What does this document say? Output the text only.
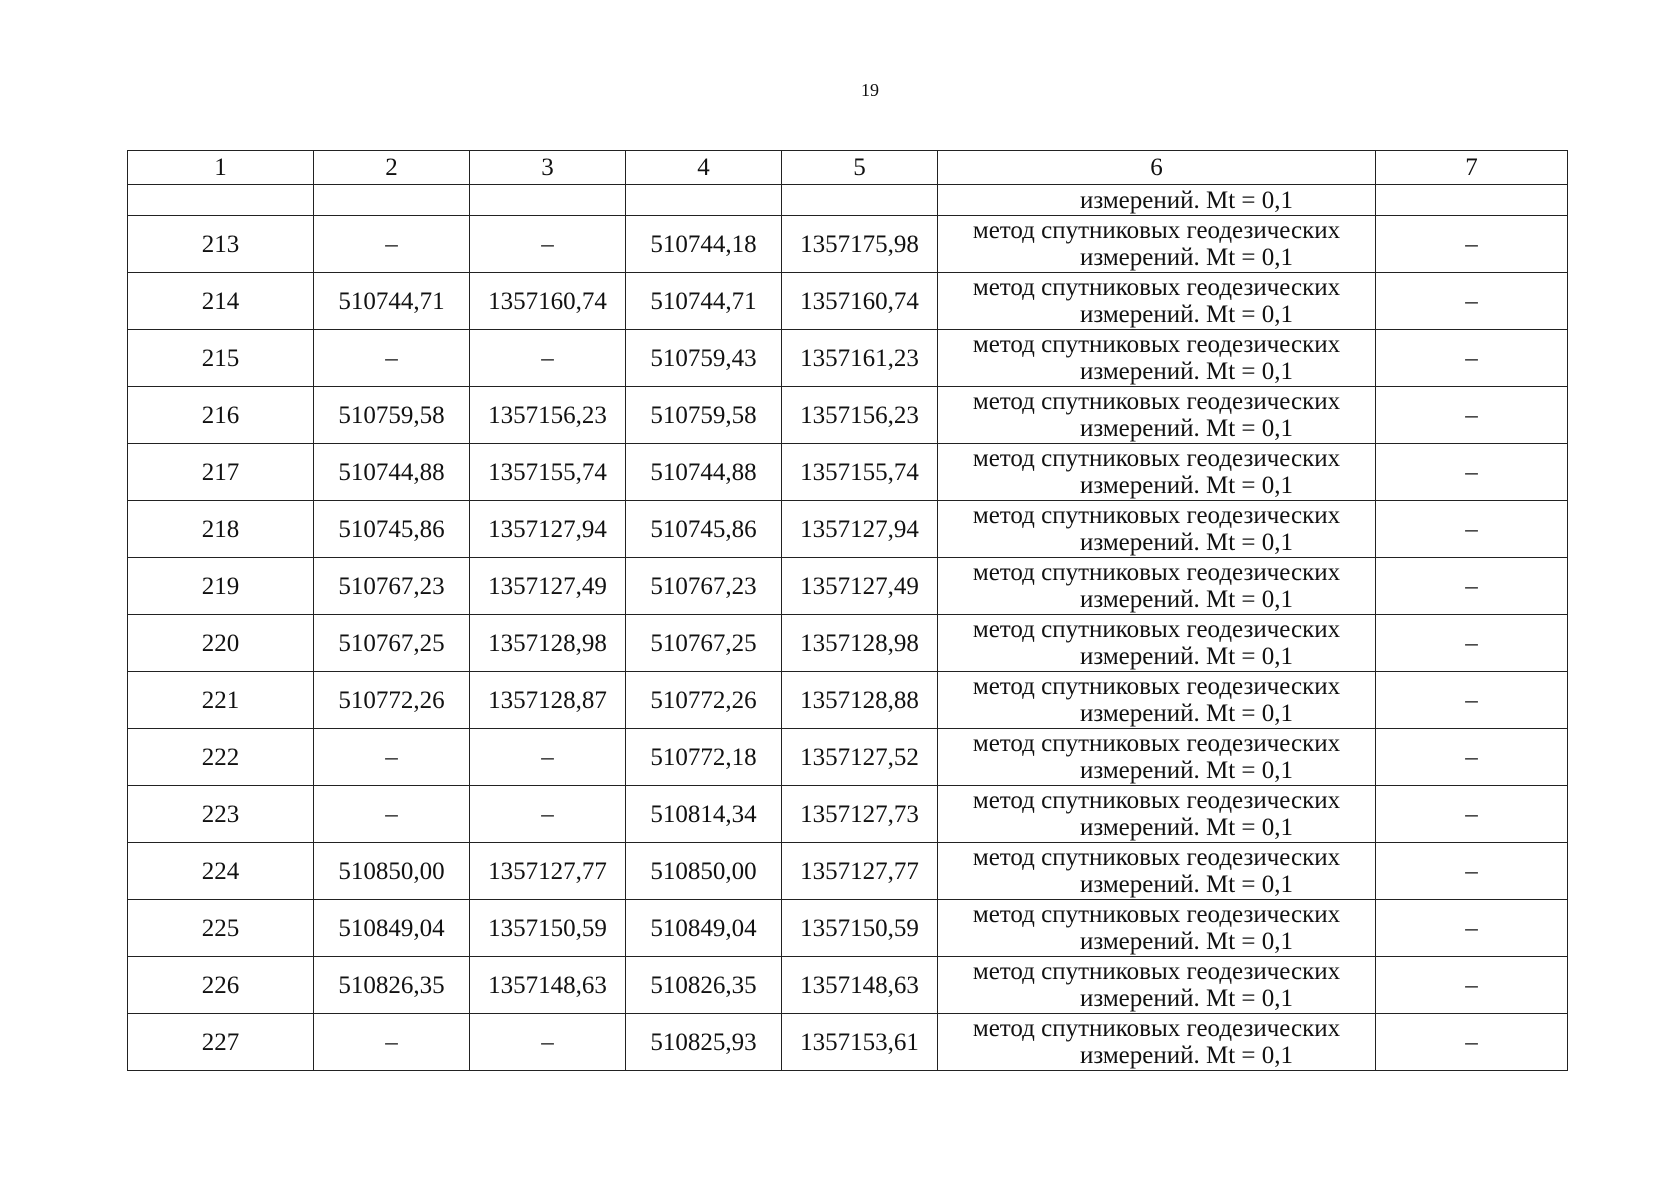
19
1	2	3	4	5	6	7

					измерений. Mt = 0,1	

213	–	–	510744,18	1357175,98	метод спутниковых геодезических
измерений. Mt = 0,1	–
214	510744,71	1357160,74	510744,71	1357160,74	метод спутниковых геодезических
измерений. Mt = 0,1	–
215	–	–	510759,43	1357161,23	метод спутниковых геодезических
измерений. Mt = 0,1	–
216	510759,58	1357156,23	510759,58	1357156,23	метод спутниковых геодезических
измерений. Mt = 0,1	–
217	510744,88	1357155,74	510744,88	1357155,74	метод спутниковых геодезических
измерений. Mt = 0,1	–
218	510745,86	1357127,94	510745,86	1357127,94	метод спутниковых геодезических
измерений. Mt = 0,1	–
219	510767,23	1357127,49	510767,23	1357127,49	метод спутниковых геодезических
измерений. Mt = 0,1	–
220	510767,25	1357128,98	510767,25	1357128,98	метод спутниковых геодезических
измерений. Mt = 0,1	–
221	510772,26	1357128,87	510772,26	1357128,88	метод спутниковых геодезических
измерений. Mt = 0,1	–
222	–	–	510772,18	1357127,52	метод спутниковых геодезических
измерений. Mt = 0,1	–
223	–	–	510814,34	1357127,73	метод спутниковых геодезических
измерений. Mt = 0,1	–
224	510850,00	1357127,77	510850,00	1357127,77	метод спутниковых геодезических
измерений. Mt = 0,1	–
225	510849,04	1357150,59	510849,04	1357150,59	метод спутниковых геодезических
измерений. Mt = 0,1	–
226	510826,35	1357148,63	510826,35	1357148,63	метод спутниковых геодезических
измерений. Mt = 0,1	–
227	–	–	510825,93	1357153,61	метод спутниковых геодезических
измерений. Mt = 0,1	–
